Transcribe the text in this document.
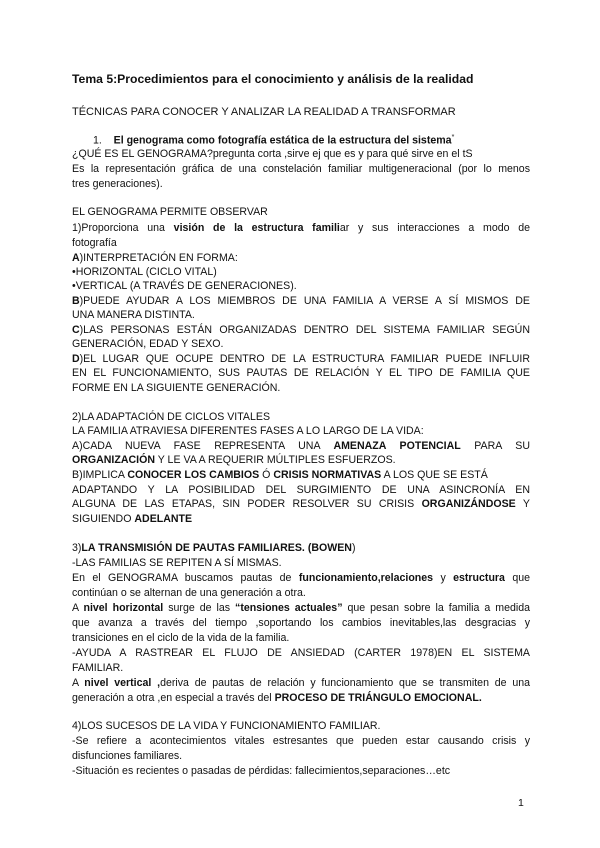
Tema 5:Procedimientos para el conocimiento y análisis de la realidad
TÉCNICAS PARA CONOCER Y ANALIZAR LA REALIDAD A TRANSFORMAR
1. El genograma como fotografía estática de la estructura del sistema*
¿QUÉ ES EL GENOGRAMA?pregunta corta ,sirve ej que es y para qué sirve en el tS
Es la representación gráfica de una constelación familiar multigeneracional (por lo menos
tres generaciones).
EL GENOGRAMA PERMITE OBSERVAR
1)Proporciona una visión de la estructura familiar y sus interacciones a modo de
fotografía
A)INTERPRETACIÓN EN FORMA:
•HORIZONTAL (CICLO VITAL)
•VERTICAL (A TRAVÉS DE GENERACIONES).
B)PUEDE AYUDAR A LOS MIEMBROS DE UNA FAMILIA A VERSE A SÍ MISMOS DE
UNA MANERA DISTINTA.
C)LAS PERSONAS ESTÁN ORGANIZADAS DENTRO DEL SISTEMA FAMILIAR SEGÚN
GENERACIÓN, EDAD Y SEXO.
D)EL LUGAR QUE OCUPE DENTRO DE LA ESTRUCTURA FAMILIAR PUEDE INFLUIR
EN EL FUNCIONAMIENTO, SUS PAUTAS DE RELACIÓN Y EL TIPO DE FAMILIA QUE
FORME EN LA SIGUIENTE GENERACIÓN.
2)LA ADAPTACIÓN DE CICLOS VITALES
LA FAMILIA ATRAVIESA DIFERENTES FASES A LO LARGO DE LA VIDA:
A)CADA NUEVA FASE REPRESENTA UNA AMENAZA POTENCIAL PARA SU
ORGANIZACIÓN Y LE VA A REQUERIR MÚLTIPLES ESFUERZOS.
B)IMPLICA CONOCER LOS CAMBIOS Ó CRISIS NORMATIVAS A LOS QUE SE ESTÁ
ADAPTANDO Y LA POSIBILIDAD DEL SURGIMIENTO DE UNA ASINCRONÍA EN
ALGUNA DE LAS ETAPAS, SIN PODER RESOLVER SU CRISIS ORGANIZÁNDOSE Y
SIGUIENDO ADELANTE
3)LA TRANSMISIÓN DE PAUTAS FAMILIARES. (BOWEN)
-LAS FAMILIAS SE REPITEN A SÍ MISMAS.
En el GENOGRAMA buscamos pautas de funcionamiento,relaciones y estructura que
continúan o se alternan de una generación a otra.
A nivel horizontal surge de las “tensiones actuales” que pesan sobre la familia a medida
que avanza a través del tiempo ,soportando los cambios inevitables,las desgracias y
transiciones en el ciclo de la vida de la familia.
-AYUDA A RASTREAR EL FLUJO DE ANSIEDAD (CARTER 1978)EN EL SISTEMA
FAMILIAR.
A nivel vertical ,deriva de pautas de relación y funcionamiento que se transmiten de una
generación a otra ,en especial a través del PROCESO DE TRIÁNGULO EMOCIONAL.
4)LOS SUCESOS DE LA VIDA Y FUNCIONAMIENTO FAMILIAR.
-Se refiere a acontecimientos vitales estresantes que pueden estar causando crisis y
disfunciones familiares.
-Situación es recientes o pasadas de pérdidas: fallecimientos,separaciones…etc
1
